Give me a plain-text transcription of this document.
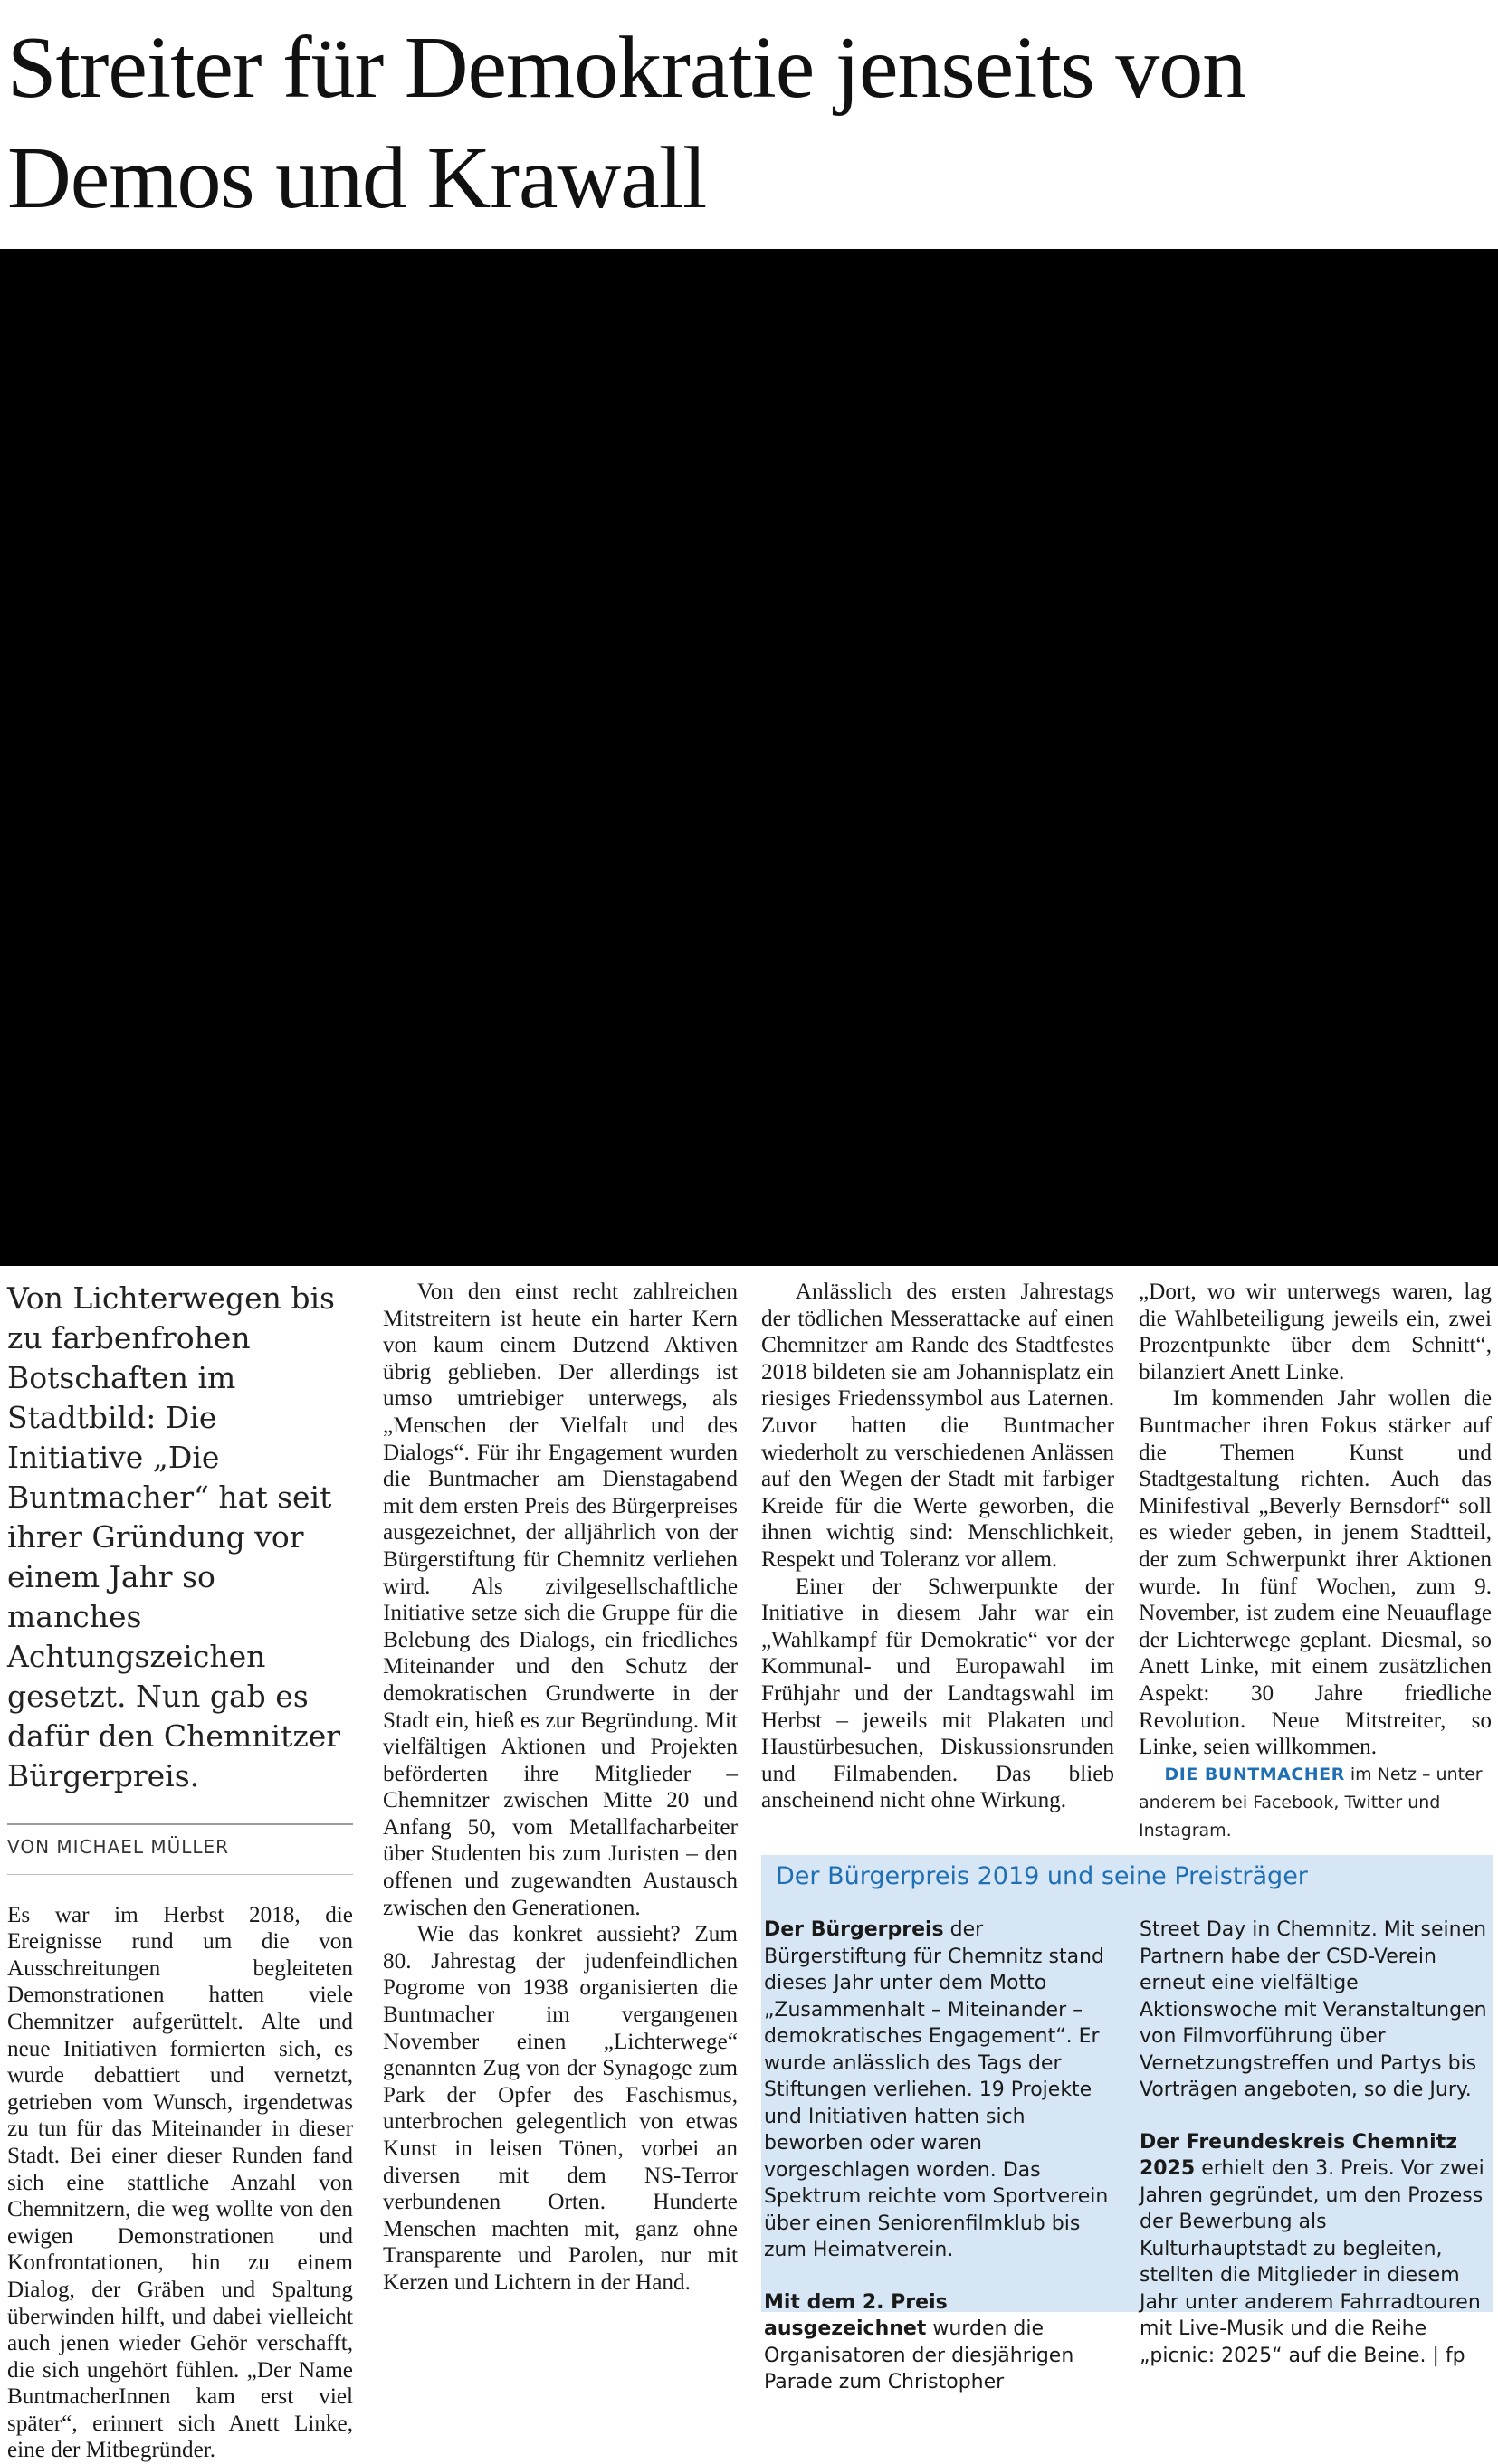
Streiter für Demokratie jenseits von Demos und Krawall

Von Lichterwegen bis zu farbenfrohen Botschaften im Stadtbild: Die Initiative „Die Buntmacher“ hat seit ihrer Gründung vor einem Jahr so manches Achtungszeichen gesetzt. Nun gab es dafür den Chemnitzer Bürgerpreis.

VON MICHAEL MÜLLER

Es war im Herbst 2018, die Ereignisse rund um die von Ausschreitungen begleiteten Demonstrationen hatten viele Chemnitzer aufgerüttelt. Alte und neue Initiativen formierten sich, es wurde debattiert und vernetzt, getrieben vom Wunsch, irgendetwas zu tun für das Miteinander in dieser Stadt. Bei einer dieser Runden fand sich eine stattliche Anzahl von Chemnitzern, die weg wollte von den ewigen Demonstrationen und Konfrontationen, hin zu einem Dialog, der Gräben und Spaltung überwinden hilft, und dabei vielleicht auch jenen wieder Gehör verschafft, die sich ungehört fühlen. „Der Name BuntmacherInnen kam erst viel später“, erinnert sich Anett Linke, eine der Mitbegründer.

Von den einst recht zahlreichen Mitstreitern ist heute ein harter Kern von kaum einem Dutzend Aktiven übrig geblieben. Der allerdings ist umso umtriebiger unterwegs, als „Menschen der Vielfalt und des Dialogs“. Für ihr Engagement wurden die Buntmacher am Dienstagabend mit dem ersten Preis des Bürgerpreises ausgezeichnet, der alljährlich von der Bürgerstiftung für Chemnitz verliehen wird. Als zivilgesellschaftliche Initiative setze sich die Gruppe für die Belebung des Dialogs, ein friedliches Miteinander und den Schutz der demokratischen Grundwerte in der Stadt ein, hieß es zur Begründung. Mit vielfältigen Aktionen und Projekten beförderten ihre Mitglieder – Chemnitzer zwischen Mitte 20 und Anfang 50, vom Metallfacharbeiter über Studenten bis zum Juristen – den offenen und zugewandten Austausch zwischen den Generationen.

Wie das konkret aussieht? Zum 80. Jahrestag der judenfeindlichen Pogrome von 1938 organisierten die Buntmacher im vergangenen November einen „Lichterwege“ genannten Zug von der Synagoge zum Park der Opfer des Faschismus, unterbrochen gelegentlich von etwas Kunst in leisen Tönen, vorbei an diversen mit dem NS-Terror verbundenen Orten. Hunderte Menschen machten mit, ganz ohne Transparente und Parolen, nur mit Kerzen und Lichtern in der Hand.

Anlässlich des ersten Jahrestags der tödlichen Messerattacke auf einen Chemnitzer am Rande des Stadtfestes 2018 bildeten sie am Johannisplatz ein riesiges Friedenssymbol aus Laternen. Zuvor hatten die Buntmacher wiederholt zu verschiedenen Anlässen auf den Wegen der Stadt mit farbiger Kreide für die Werte geworben, die ihnen wichtig sind: Menschlichkeit, Respekt und Toleranz vor allem.

Einer der Schwerpunkte der Initiative in diesem Jahr war ein „Wahlkampf für Demokratie“ vor der Kommunal- und Europawahl im Frühjahr und der Landtagswahl im Herbst – jeweils mit Plakaten und Haustürbesuchen, Diskussionsrunden und Filmabenden. Das blieb anscheinend nicht ohne Wirkung.

„Dort, wo wir unterwegs waren, lag die Wahlbeteiligung jeweils ein, zwei Prozentpunkte über dem Schnitt“, bilanziert Anett Linke.

Im kommenden Jahr wollen die Buntmacher ihren Fokus stärker auf die Themen Kunst und Stadtgestaltung richten. Auch das Minifestival „Beverly Bernsdorf“ soll es wieder geben, in jenem Stadtteil, der zum Schwerpunkt ihrer Aktionen wurde. In fünf Wochen, zum 9. November, ist zudem eine Neuauflage der Lichterwege geplant. Diesmal, so Anett Linke, mit einem zusätzlichen Aspekt: 30 Jahre friedliche Revolution. Neue Mitstreiter, so Linke, seien willkommen.

DIE BUNTMACHER im Netz – unter anderem bei Facebook, Twitter und Instagram.

Der Bürgerpreis 2019 und seine Preisträger

Der Bürgerpreis der Bürgerstiftung für Chemnitz stand dieses Jahr unter dem Motto „Zusammenhalt – Miteinander – demokratisches Engagement“. Er wurde anlässlich des Tags der Stiftungen verliehen. 19 Projekte und Initiativen hatten sich beworben oder waren vorgeschlagen worden. Das Spektrum reichte vom Sportverein über einen Seniorenfilmklub bis zum Heimatverein.

Mit dem 2. Preis ausgezeichnet wurden die Organisatoren der diesjährigen Parade zum Christopher

Street Day in Chemnitz. Mit seinen Partnern habe der CSD-Verein erneut eine vielfältige Aktionswoche mit Veranstaltungen von Filmvorführung über Vernetzungstreffen und Partys bis Vorträgen angeboten, so die Jury.

Der Freundeskreis Chemnitz 2025 erhielt den 3. Preis. Vor zwei Jahren gegründet, um den Prozess der Bewerbung als Kulturhauptstadt zu begleiten, stellten die Mitglieder in diesem Jahr unter anderem Fahrradtouren mit Live-Musik und die Reihe „picnic: 2025“ auf die Beine. | fp
